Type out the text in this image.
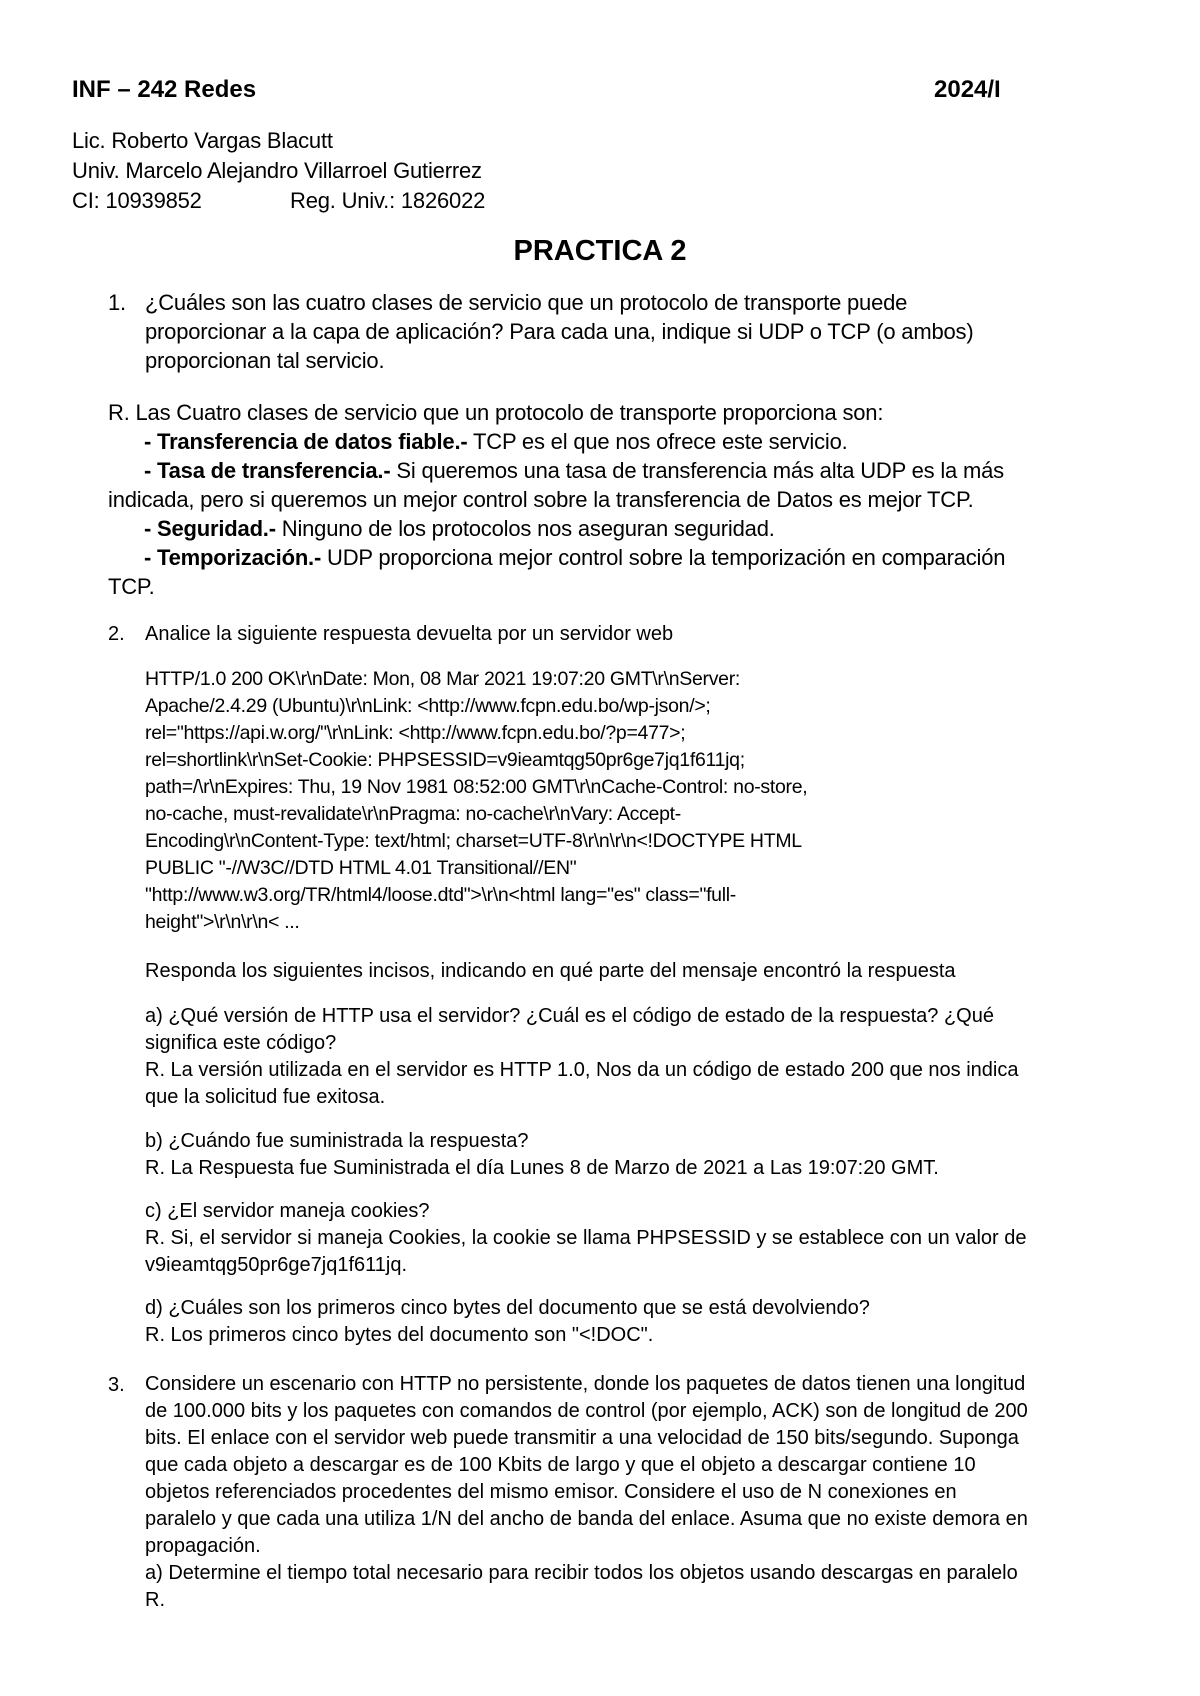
INF – 242 Redes	2024/I
Lic. Roberto Vargas Blacutt
Univ. Marcelo Alejandro Villarroel Gutierrez
CI: 10939852	Reg. Univ.: 1826022
PRACTICA 2
1. ¿Cuáles son las cuatro clases de servicio que un protocolo de transporte puede
proporcionar a la capa de aplicación? Para cada una, indique si UDP o TCP (o ambos)
proporcionan tal servicio.
R. Las Cuatro clases de servicio que un protocolo de transporte proporciona son:
- Transferencia de datos fiable.- TCP es el que nos ofrece este servicio.
- Tasa de transferencia.- Si queremos una tasa de transferencia más alta UDP es la más
indicada, pero si queremos un mejor control sobre la transferencia de Datos es mejor TCP.
- Seguridad.- Ninguno de los protocolos nos aseguran seguridad.
- Temporización.- UDP proporciona mejor control sobre la temporización en comparación
TCP.
2. Analice la siguiente respuesta devuelta por un servidor web
HTTP/1.0 200 OK\r\nDate: Mon, 08 Mar 2021 19:07:20 GMT\r\nServer:
Apache/2.4.29 (Ubuntu)\r\nLink: <http://www.fcpn.edu.bo/wp-json/>;
rel="https://api.w.org/"\r\nLink: <http://www.fcpn.edu.bo/?p=477>;
rel=shortlink\r\nSet-Cookie: PHPSESSID=v9ieamtqg50pr6ge7jq1f611jq;
path=/\r\nExpires: Thu, 19 Nov 1981 08:52:00 GMT\r\nCache-Control: no-store,
no-cache, must-revalidate\r\nPragma: no-cache\r\nVary: Accept-
Encoding\r\nContent-Type: text/html; charset=UTF-8\r\n\r\n<!DOCTYPE HTML
PUBLIC "-//W3C//DTD HTML 4.01 Transitional//EN"
"http://www.w3.org/TR/html4/loose.dtd">\r\n<html lang="es" class="full-
height">\r\n\r\n< ...
Responda los siguientes incisos, indicando en qué parte del mensaje encontró la respuesta
a) ¿Qué versión de HTTP usa el servidor? ¿Cuál es el código de estado de la respuesta? ¿Qué
significa este código?
R. La versión utilizada en el servidor es HTTP 1.0, Nos da un código de estado 200 que nos indica
que la solicitud fue exitosa.
b) ¿Cuándo fue suministrada la respuesta?
R. La Respuesta fue Suministrada el día Lunes 8 de Marzo de 2021 a Las 19:07:20 GMT.
c) ¿El servidor maneja cookies?
R. Si, el servidor si maneja Cookies, la cookie se llama PHPSESSID y se establece con un valor de
v9ieamtqg50pr6ge7jq1f611jq.
d) ¿Cuáles son los primeros cinco bytes del documento que se está devolviendo?
R. Los primeros cinco bytes del documento son "<!DOC".
3. Considere un escenario con HTTP no persistente, donde los paquetes de datos tienen una longitud
de 100.000 bits y los paquetes con comandos de control (por ejemplo, ACK) son de longitud de 200
bits. El enlace con el servidor web puede transmitir a una velocidad de 150 bits/segundo. Suponga
que cada objeto a descargar es de 100 Kbits de largo y que el objeto a descargar contiene 10
objetos referenciados procedentes del mismo emisor. Considere el uso de N conexiones en
paralelo y que cada una utiliza 1/N del ancho de banda del enlace. Asuma que no existe demora en
propagación.
a) Determine el tiempo total necesario para recibir todos los objetos usando descargas en paralelo
R.
